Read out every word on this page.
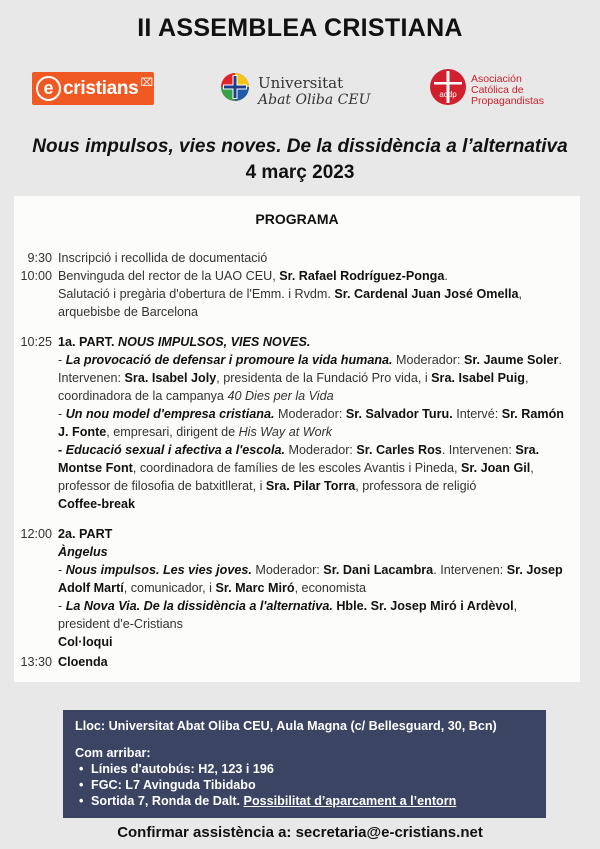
II ASSEMBLEA CRISTIANA
e cristians ⌧	Universitat
Abat Oliba CEU	acdp
Asociación
Católica de
Propagandistas
Nous impulsos, vies noves. De la dissidència a l’alternativa
4 març 2023
PROGRAMA
9:30 Inscripció i recollida de documentació
10:00 Benvinguda del rector de la UAO CEU, Sr. Rafael Rodríguez-Ponga.

Salutació i pregària d'obertura de l'Emm. i Rvdm. Sr. Cardenal Juan José Omella, arquebisbe de Barcelona

10:25 1a. PART. NOUS IMPULSOS, VIES NOVES.

- La provocació de defensar i promoure la vida humana. Moderador: Sr. Jaume Soler. Intervenen: Sra. Isabel Joly, presidenta de la Fundació Pro vida, i Sra. Isabel Puig, coordinadora de la campanya 40 Dies per la Vida

- Un nou model d'empresa cristiana. Moderador: Sr. Salvador Turu. Intervé: Sr. Ramón J. Fonte, empresari, dirigent de His Way at Work

- Educació sexual i afectiva a l'escola. Moderador: Sr. Carles Ros. Intervenen: Sra. Montse Font, coordinadora de famílies de les escoles Avantis i Pineda, Sr. Joan Gil, professor de filosofia de batxitllerat, i Sra. Pilar Torra, professora de religió

Coffee-break

12:00 2a. PART

Àngelus

- Nous impulsos. Les vies joves. Moderador: Sr. Dani Lacambra. Intervenen: Sr. Josep Adolf Martí, comunicador, i Sr. Marc Miró, economista

- La Nova Via. De la dissidència a l'alternativa. Hble. Sr. Josep Miró i Ardèvol, president d'e-Cristians

Col·loqui

13:30 Cloenda
Lloc: Universitat Abat Oliba CEU, Aula Magna (c/ Bellesguard, 30, Bcn)
Com arribar:
• Línies d'autobús: H2, 123 i 196
• FGC: L7 Avinguda Tibidabo
• Sortida 7, Ronda de Dalt. Possibilitat d’aparcament a l’entorn
Confirmar assistència a: secretaria@e-cristians.net
